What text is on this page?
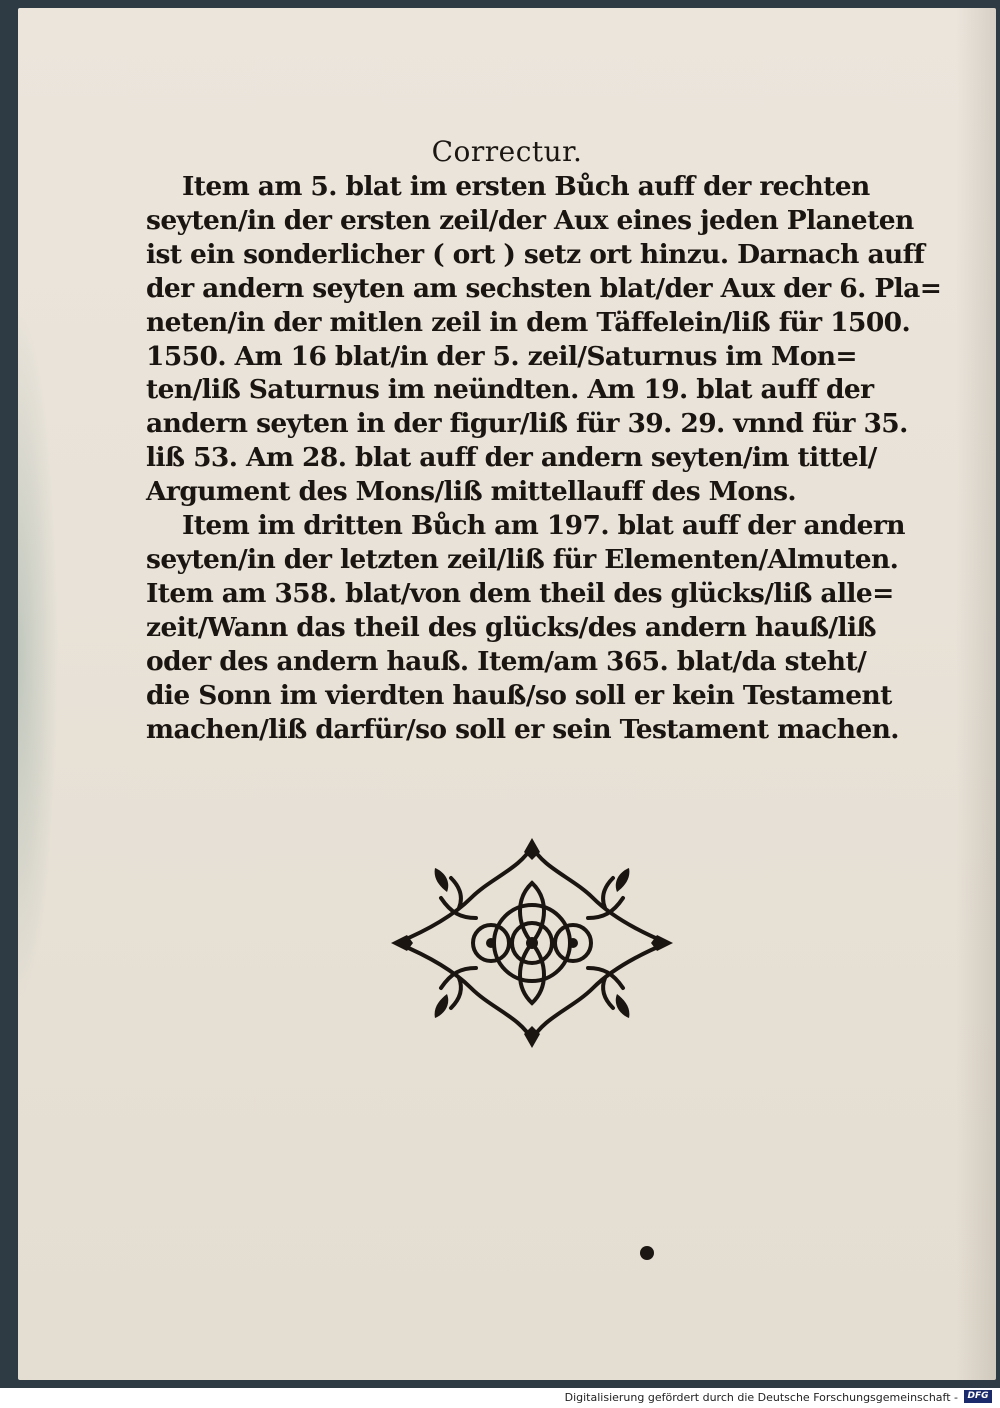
Correctur.
Item am 5. blat im ersten Bůch auff der rechten
seyten/in der ersten zeil/der Aux eines jeden Planeten
ist ein sonderlicher ( ort ) setz ort hinzu. Darnach auff
der andern seyten am sechsten blat/der Aux der 6. Pla=
neten/in der mitlen zeil in dem Täffelein/liß für 1500.
1550. Am 16 blat/in der 5. zeil/Saturnus im Mon=
ten/liß Saturnus im neündten. Am 19. blat auff der
andern seyten in der figur/liß für 39. 29. vnnd für 35.
liß 53. Am 28. blat auff der andern seyten/im tittel/
Argument des Mons/liß mittellauff des Mons.
Item im dritten Bůch am 197. blat auff der andern
seyten/in der letzten zeil/liß für Elementen/Almuten.
Item am 358. blat/von dem theil des glücks/liß alle=
zeit/Wann das theil des glücks/des andern hauß/liß
oder des andern hauß. Item/am 365. blat/da steht/
die Sonn im vierdten hauß/so soll er kein Testament
machen/liß darfür/so soll er sein Testament machen.
Digitalisierung gefördert durch die Deutsche Forschungsgemeinschaft -	DFG
